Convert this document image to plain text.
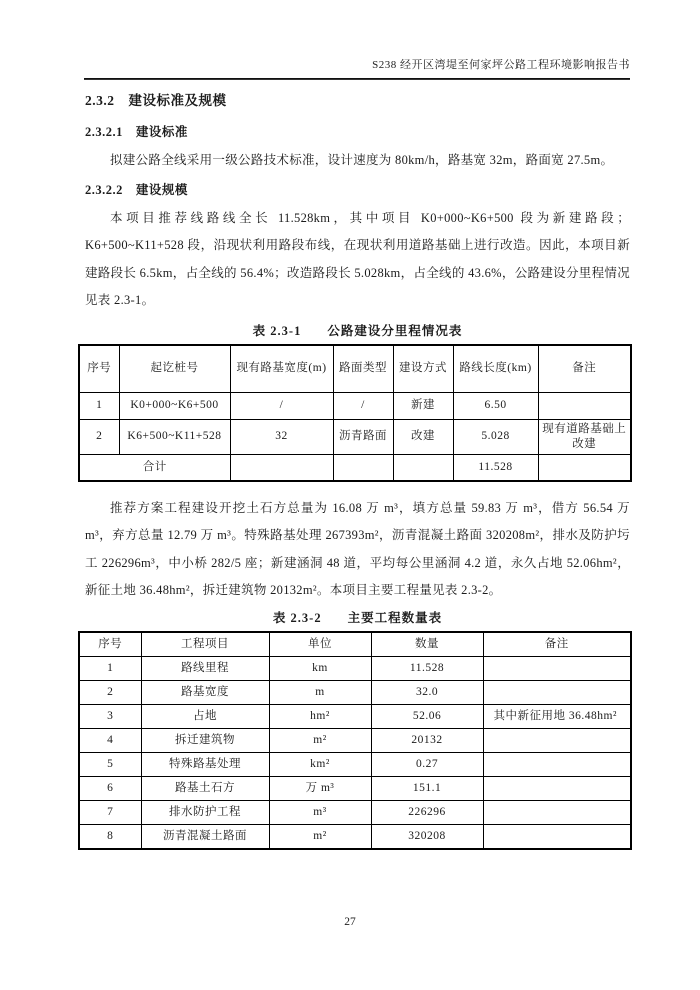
S238 经开区湾堤至何家坪公路工程环境影响报告书
2.3.2　建设标准及规模
2.3.2.1　建设标准

拟建公路全线采用一级公路技术标准，设计速度为 80km/h，路基宽 32m，路面宽 27.5m。

2.3.2.2　建设规模

本项目推荐线路线全长 11.528km，其中项目 K0+000~K6+500 段为新建路段；K6+500~K11+528 段，沿现状利用路段布线，在现状利用道路基础上进行改造。因此，本项目新建路段长 6.5km，占全线的 56.4%；改造路段长 5.028km，占全线的 43.6%，公路建设分里程情况见表 2.3-1。

表 2.3-1 公路建设分里程情况表
序号	起讫桩号	现有路基宽度(m)	路面类型	建设方式	路线长度(km)	备注
1	K0+000~K6+500	/	/	新建	6.50	
2	K6+500~K11+528	32	沥青路面	改建	5.028	现有道路基础上改建
合计					11.528	

推荐方案工程建设开挖土石方总量为 16.08 万 m³，填方总量 59.83 万 m³，借方 56.54 万 m³，弃方总量 12.79 万 m³。特殊路基处理 267393m²，沥青混凝土路面 320208m²，排水及防护圬工 226296m³，中小桥 282/5 座；新建涵洞 48 道，平均每公里涵洞 4.2 道，永久占地 52.06hm²，新征土地 36.48hm²，拆迁建筑物 20132m²。本项目主要工程量见表 2.3-2。

表 2.3-2 主要工程数量表
序号	工程项目	单位	数量	备注
1	路线里程	km	11.528	
2	路基宽度	m	32.0	
3	占地	hm²	52.06	其中新征用地 36.48hm²
4	拆迁建筑物	m²	20132	
5	特殊路基处理	km²	0.27	
6	路基土石方	万 m³	151.1	
7	排水防护工程	m³	226296	
8	沥青混凝土路面	m²	320208	
27
